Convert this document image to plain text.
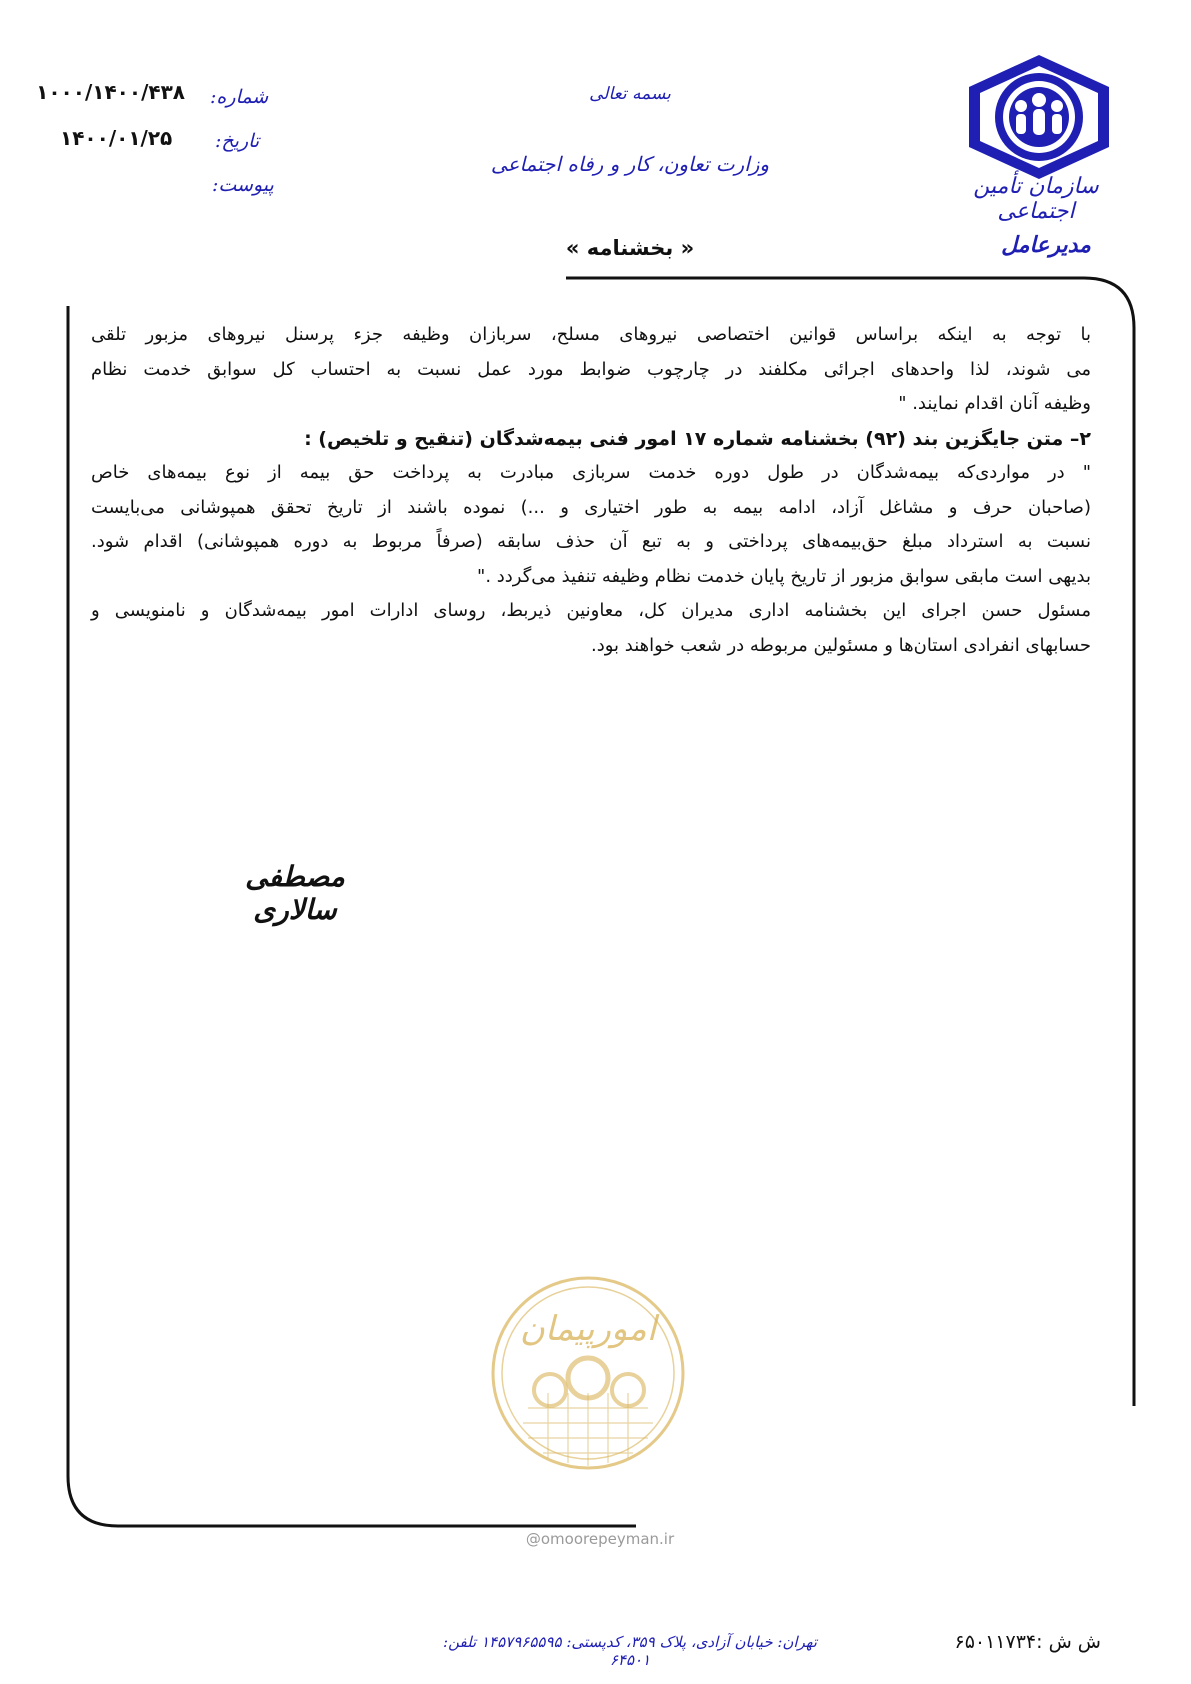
سازمان تأمین اجتماعی
مدیرعامل
بسمه تعالی
وزارت تعاون، کار و رفاه اجتماعی
شماره:
۱۰۰۰/۱۴۰۰/۴۳۸
تاریخ:
۱۴۰۰/۰۱/۲۵
پیوست:
« بخشنامه »

با توجه به اینکه براساس قوانین اختصاصی نیروهای مسلح، سربازان وظیفه جزء پرسنل نیروهای مزبور تلقی

می شوند، لذا واحدهای اجرائی مکلفند در چارچوب ضوابط مورد عمل نسبت به احتساب کل سوابق خدمت نظام

وظیفه آنان اقدام نمایند. "

۲– متن جایگزین بند (۹۲) بخشنامه شماره ۱۷ امور فنی بیمه‌شدگان (تنقیح و تلخیص) :

" در مواردی‌که بیمه‌شدگان در طول دوره خدمت سربازی مبادرت به پرداخت حق بیمه از نوع بیمه‌های خاص

(صاحبان حرف و مشاغل آزاد، ادامه بیمه به طور اختیاری و ...) نموده باشند از تاریخ تحقق همپوشانی می‌بایست

نسبت به استرداد مبلغ حق‌بیمه‌های پرداختی و به تبع آن حذف سابقه (صرفاً مربوط به دوره همپوشانی) اقدام شود.

بدیهی است مابقی سوابق مزبور از تاریخ پایان خدمت نظام وظیفه تنفیذ می‌گردد ."

مسئول حسن اجرای این بخشنامه اداری مدیران کل، معاونین ذیربط، روسای ادارات امور بیمه‌شدگان و نامنویسی و

حسابهای انفرادی استان‌ها و مسئولین مربوطه در شعب خواهند بود.

مصطفی سالاری
امورپیمان
@omoorepeyman.ir
تهران: خیابان آزادی، پلاک ۳۵۹، کدپستی: ۱۴۵۷۹۶۵۵۹۵ تلفن: ۶۴۵۰۱
ش ش :۶۵۰۱۱۷۳۴
